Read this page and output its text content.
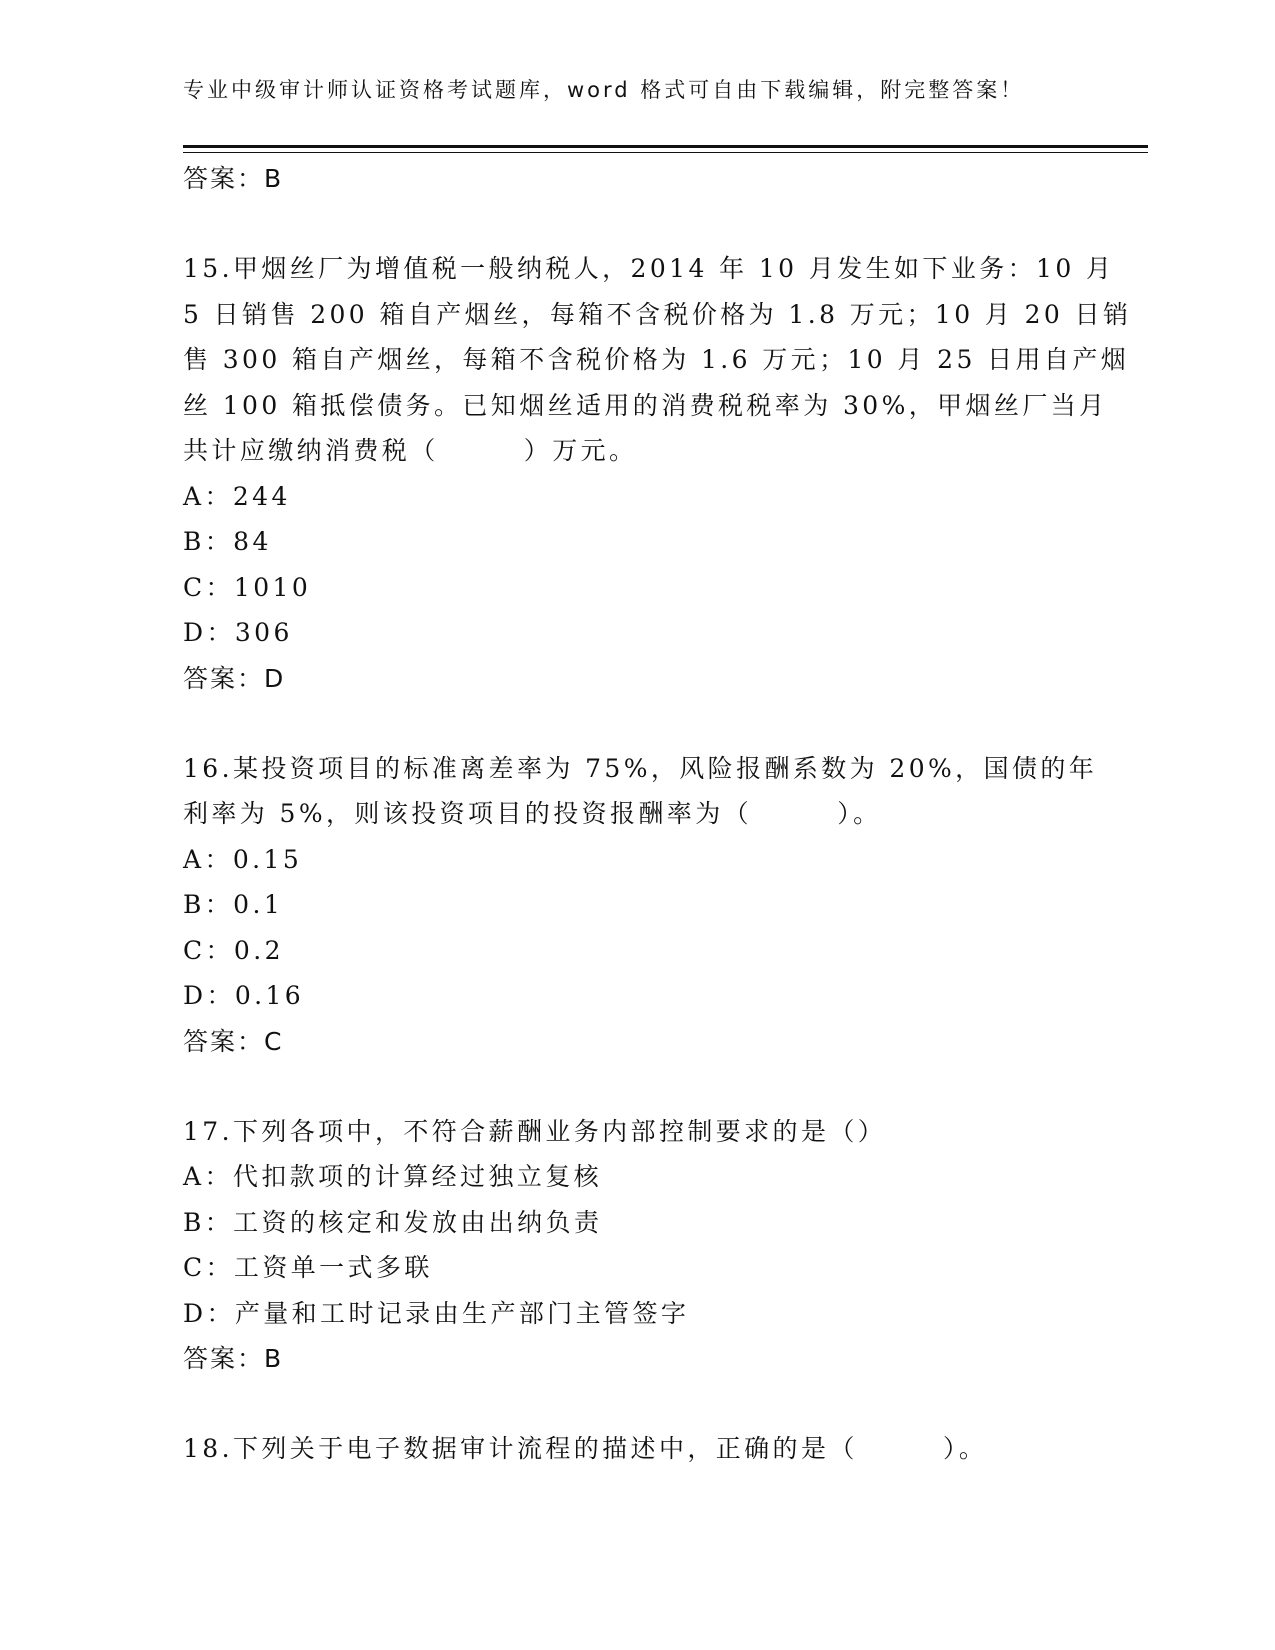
专业中级审计师认证资格考试题库，word 格式可自由下载编辑，附完整答案！
答案：B
15.甲烟丝厂为增值税一般纳税人，2014 年 10 月发生如下业务：10 月
5 日销售 200 箱自产烟丝，每箱不含税价格为 1.8 万元；10 月 20 日销
售 300 箱自产烟丝，每箱不含税价格为 1.6 万元；10 月 25 日用自产烟
丝 100 箱抵偿债务。已知烟丝适用的消费税税率为 30%，甲烟丝厂当月
共计应缴纳消费税（　　　）万元。
A：244
B：84
C：1010
D：306
答案：D
16.某投资项目的标准离差率为 75%，风险报酬系数为 20%，国债的年
利率为 5%，则该投资项目的投资报酬率为（　　　）。
A：0.15
B：0.1
C：0.2
D：0.16
答案：C
17.下列各项中，不符合薪酬业务内部控制要求的是（）
A：代扣款项的计算经过独立复核
B：工资的核定和发放由出纳负责
C：工资单一式多联
D：产量和工时记录由生产部门主管签字
答案：B
18.下列关于电子数据审计流程的描述中，正确的是（　　　）。
